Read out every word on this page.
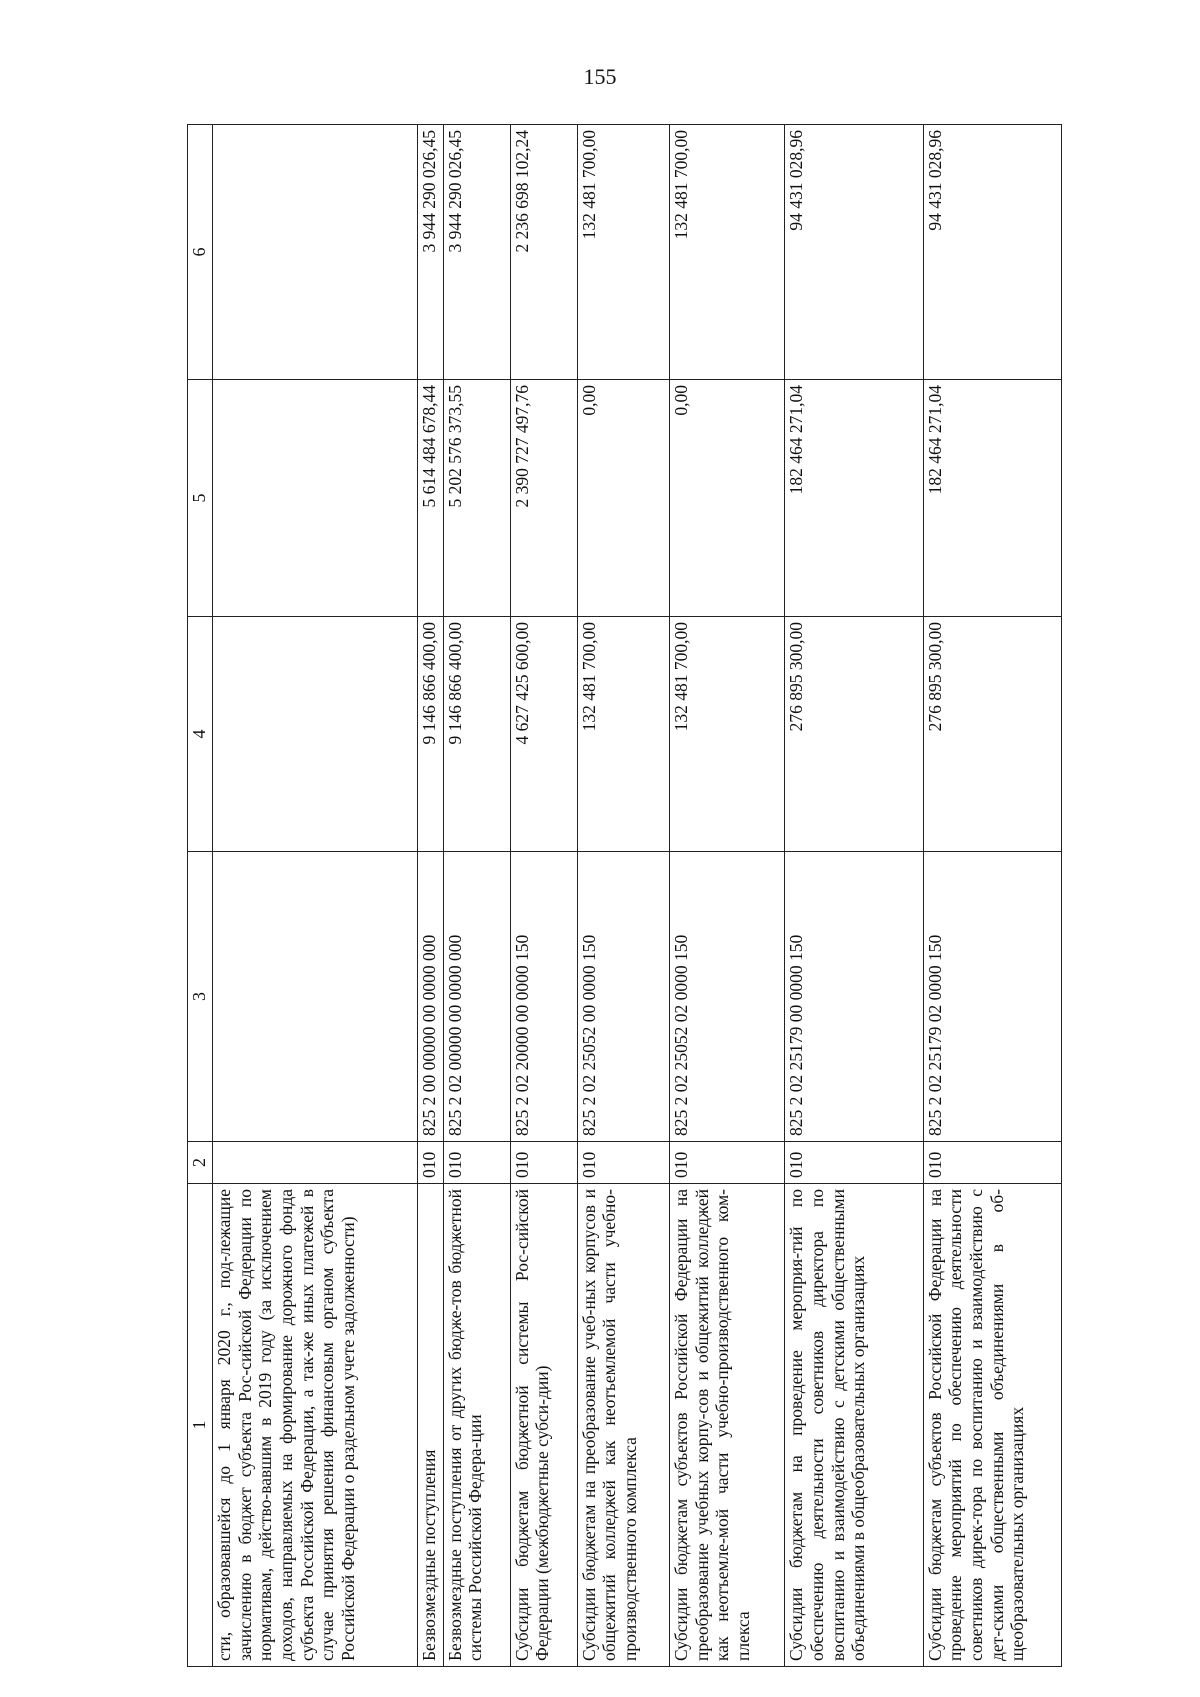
155
1	2	3	4	5	6
сти, образовавшейся до 1 января 2020 г., под-лежащие зачислению в бюджет субъекта Рос-сийской Федерации по нормативам, действо-вавшим в 2019 году (за исключением доходов, направляемых на формирование дорожного фонда субъекта Российской Федерации, а так-же иных платежей в случае принятия решения финансовым органом субъекта Российской Федерации о раздельном учете задолженности)					
Безвозмездные поступления	010	825 2 00 00000 00 0000 000	9 146 866 400,00	5 614 484 678,44	3 944 290 026,45
Безвозмездные поступления от других бюдже-тов бюджетной системы Российской Федера-ции	010	825 2 02 00000 00 0000 000	9 146 866 400,00	5 202 576 373,55	3 944 290 026,45
Субсидии бюджетам бюджетной системы Рос-сийской Федерации (межбюджетные субси-дии)	010	825 2 02 20000 00 0000 150	4 627 425 600,00	2 390 727 497,76	2 236 698 102,24
Субсидии бюджетам на преобразование учеб-ных корпусов и общежитий колледжей как неотъемлемой части учебно-производственного комплекса	010	825 2 02 25052 00 0000 150	132 481 700,00	0,00	132 481 700,00
Субсидии бюджетам субъектов Российской Федерации на преобразование учебных корпу-сов и общежитий колледжей как неотъемле-мой части учебно-производственного ком-плекса	010	825 2 02 25052 02 0000 150	132 481 700,00	0,00	132 481 700,00
Субсидии бюджетам на проведение мероприя-тий по обеспечению деятельности советников директора по воспитанию и взаимодействию с детскими общественными объединениями в общеобразовательных организациях	010	825 2 02 25179 00 0000 150	276 895 300,00	182 464 271,04	94 431 028,96
Субсидии бюджетам субъектов Российской Федерации на проведение мероприятий по обеспечению деятельности советников дирек-тора по воспитанию и взаимодействию с дет-скими общественными объединениями в об-щеобразовательных организациях	010	825 2 02 25179 02 0000 150	276 895 300,00	182 464 271,04	94 431 028,96
